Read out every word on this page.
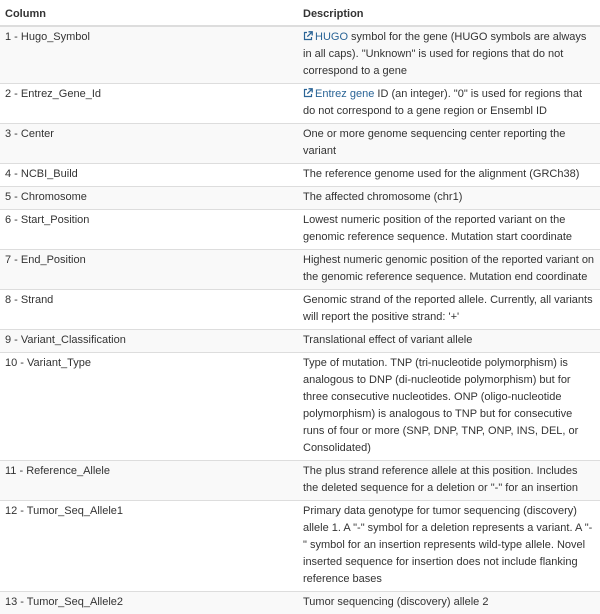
Column	Description
1 - Hugo_Symbol	HUGO symbol for the gene (HUGO symbols are always in all caps). "Unknown" is used for regions that do not correspond to a gene
2 - Entrez_Gene_Id	Entrez gene ID (an integer). "0" is used for regions that do not correspond to a gene region or Ensembl ID
3 - Center	One or more genome sequencing center reporting the variant
4 - NCBI_Build	The reference genome used for the alignment (GRCh38)
5 - Chromosome	The affected chromosome (chr1)
6 - Start_Position	Lowest numeric position of the reported variant on the genomic reference sequence. Mutation start coordinate
7 - End_Position	Highest numeric genomic position of the reported variant on the genomic reference sequence. Mutation end coordinate
8 - Strand	Genomic strand of the reported allele. Currently, all variants will report the positive strand: '+'
9 - Variant_Classification	Translational effect of variant allele
10 - Variant_Type	Type of mutation. TNP (tri-nucleotide polymorphism) is analogous to DNP (di-nucleotide polymorphism) but for three consecutive nucleotides. ONP (oligo-nucleotide polymorphism) is analogous to TNP but for consecutive runs of four or more (SNP, DNP, TNP, ONP, INS, DEL, or Consolidated)
11 - Reference_Allele	The plus strand reference allele at this position. Includes the deleted sequence for a deletion or "-" for an insertion
12 - Tumor_Seq_Allele1	Primary data genotype for tumor sequencing (discovery) allele 1. A "-" symbol for a deletion represents a variant. A "-" symbol for an insertion represents wild-type allele. Novel inserted sequence for insertion does not include flanking reference bases
13 - Tumor_Seq_Allele2	Tumor sequencing (discovery) allele 2
